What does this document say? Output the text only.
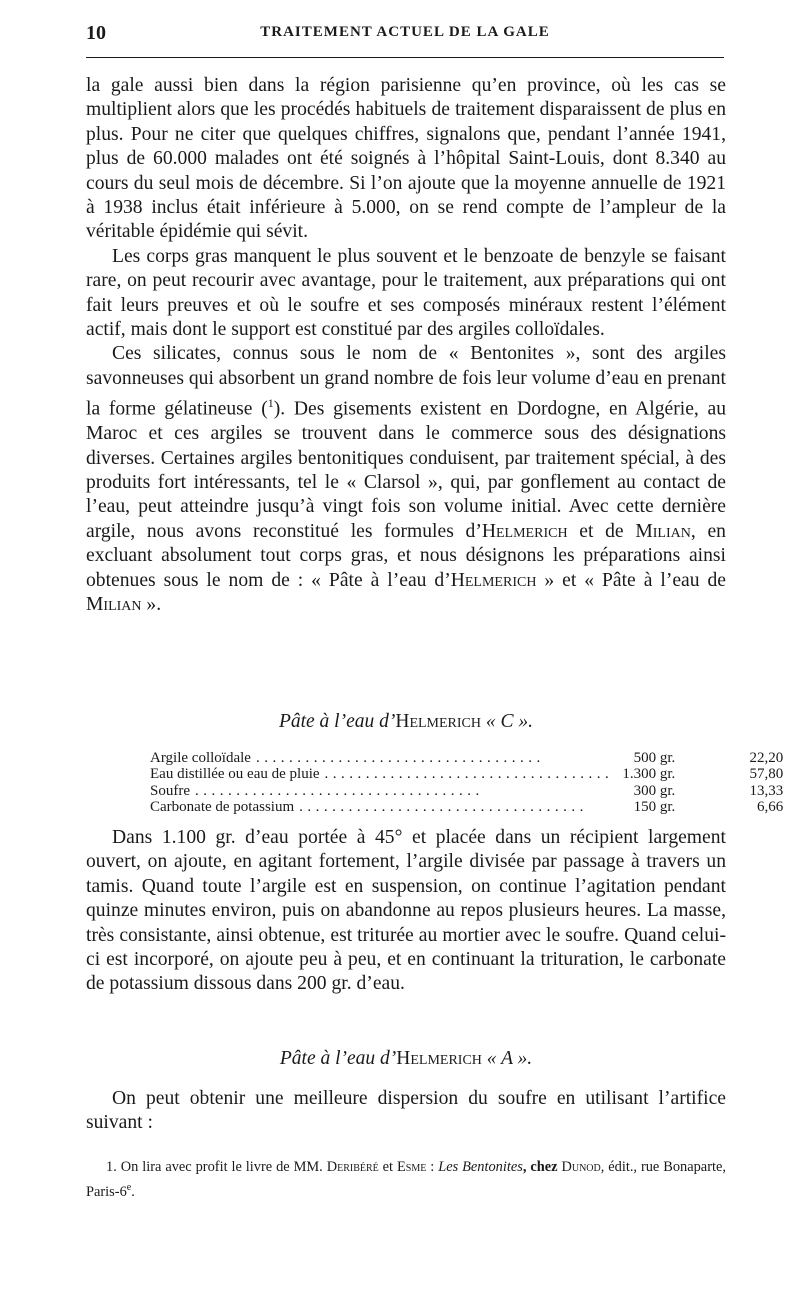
10	TRAITEMENT ACTUEL DE LA GALE

la gale aussi bien dans la région parisienne qu’en province, où les cas se multiplient alors que les procédés habituels de traitement disparaissent de plus en plus. Pour ne citer que quelques chiffres, signalons que, pendant l’année 1941, plus de 60.000 malades ont été soignés à l’hôpital Saint-Louis, dont 8.340 au cours du seul mois de décembre. Si l’on ajoute que la moyenne annuelle de 1921 à 1938 inclus était inférieure à 5.000, on se rend compte de l’ampleur de la véritable épidémie qui sévit.

Les corps gras manquent le plus souvent et le benzoate de benzyle se faisant rare, on peut recourir avec avantage, pour le traitement, aux préparations qui ont fait leurs preuves et où le soufre et ses composés minéraux restent l’élément actif, mais dont le support est constitué par des argiles colloïdales.

Ces silicates, connus sous le nom de « Bentonites », sont des argiles savonneuses qui absorbent un grand nombre de fois leur volume d’eau en prenant la forme gélatineuse ($^1$). Des gisements existent en Dordogne, en Algérie, au Maroc et ces argiles se trouvent dans le commerce sous des désignations diverses. Certaines argiles bentonitiques conduisent, par traitement spécial, à des produits fort intéressants, tel le « Clarsol », qui, par gonflement au contact de l’eau, peut atteindre jusqu’à vingt fois son volume initial. Avec cette dernière argile, nous avons reconstitué les formules d’Helmerich et de Milian, en excluant absolument tout corps gras, et nous désignons les préparations ainsi obtenues sous le nom de : « Pâte à l’eau d’Helmerich » et « Pâte à l’eau de Milian ».

Pâte à l’eau d’Helmerich « C ».
Argile colloïdale ...................................	500 gr.	22,20
Eau distillée ou eau de pluie ...................................	1.300 gr.	57,80
Soufre ...................................	300 gr.	13,33
Carbonate de potassium ...................................	150 gr.	6,66

Dans 1.100 gr. d’eau portée à 45° et placée dans un récipient largement ouvert, on ajoute, en agitant fortement, l’argile divisée par passage à travers un tamis. Quand toute l’argile est en suspension, on continue l’agitation pendant quinze minutes environ, puis on abandonne au repos plusieurs heures. La masse, très consistante, ainsi obtenue, est triturée au mortier avec le soufre. Quand celui-ci est incorporé, on ajoute peu à peu, et en continuant la trituration, le carbonate de potassium dissous dans 200 gr. d’eau.

Pâte à l’eau d’Helmerich « A ».

On peut obtenir une meilleure dispersion du soufre en utilisant l’artifice suivant :

1. On lira avec profit le livre de MM. Deribéré et Esme : Les Bentonites, chez Dunod, édit., rue Bonaparte, Paris-6e.
